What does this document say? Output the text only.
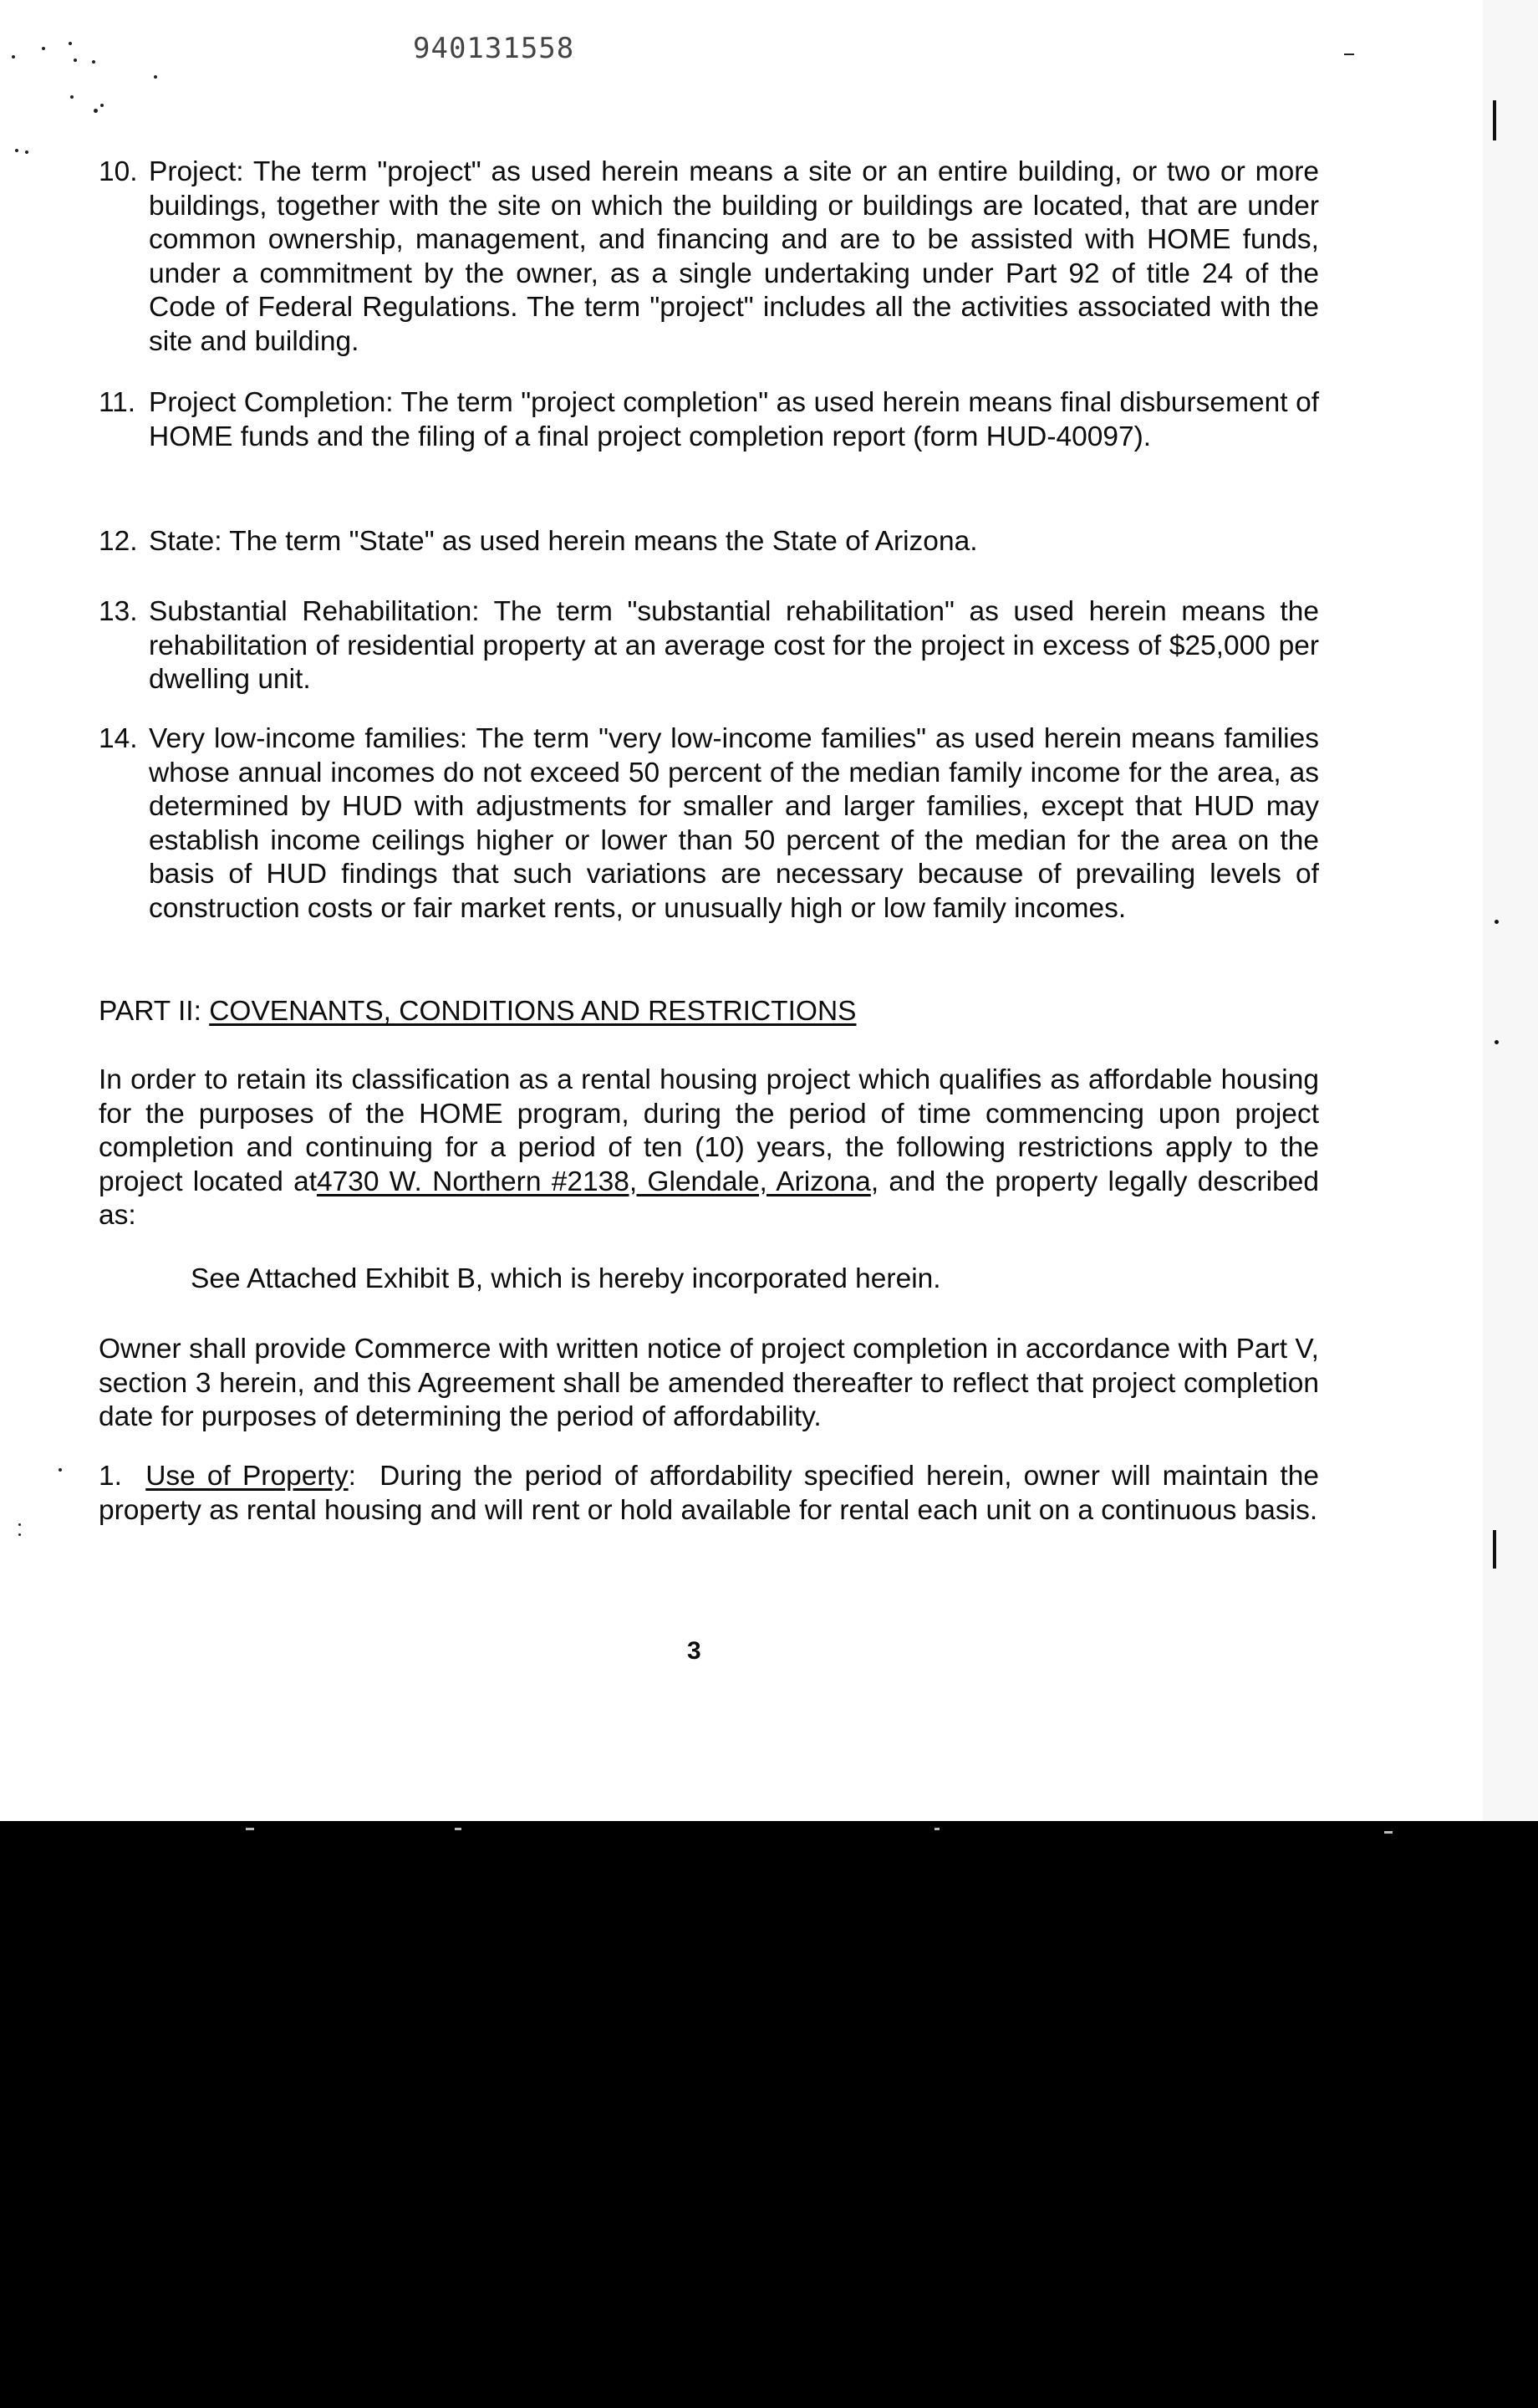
940131558
10. Project: The term "project" as used herein means a site or an entire building, or two or more buildings, together with the site on which the building or buildings are located, that are under common ownership, management, and financing and are to be assisted with HOME funds, under a commitment by the owner, as a single undertaking under Part 92 of title 24 of the Code of Federal Regulations. The term "project" includes all the activities associated with the site and building.
11. Project Completion: The term "project completion" as used herein means final disbursement of HOME funds and the filing of a final project completion report (form HUD-40097).
12. State: The term "State" as used herein means the State of Arizona.
13. Substantial Rehabilitation: The term "substantial rehabilitation" as used herein means the rehabilitation of residential property at an average cost for the project in excess of $25,000 per dwelling unit.
14. Very low-income families: The term "very low-income families" as used herein means families whose annual incomes do not exceed 50 percent of the median family income for the area, as determined by HUD with adjustments for smaller and larger families, except that HUD may establish income ceilings higher or lower than 50 percent of the median for the area on the basis of HUD findings that such variations are necessary because of prevailing levels of construction costs or fair market rents, or unusually high or low family incomes.
PART II: COVENANTS, CONDITIONS AND RESTRICTIONS
In order to retain its classification as a rental housing project which qualifies as affordable housing for the purposes of the HOME program, during the period of time commencing upon project completion and continuing for a period of ten (10) years, the following restrictions apply to the project located at4730 W. Northern #2138, Glendale, Arizona, and the property legally described as:
See Attached Exhibit B, which is hereby incorporated herein.
Owner shall provide Commerce with written notice of project completion in accordance with Part V, section 3 herein, and this Agreement shall be amended thereafter to reflect that project completion date for purposes of determining the period of affordability.
1. Use of Property: During the period of affordability specified herein, owner will maintain the property as rental housing and will rent or hold available for rental each unit on a continuous basis.
3
